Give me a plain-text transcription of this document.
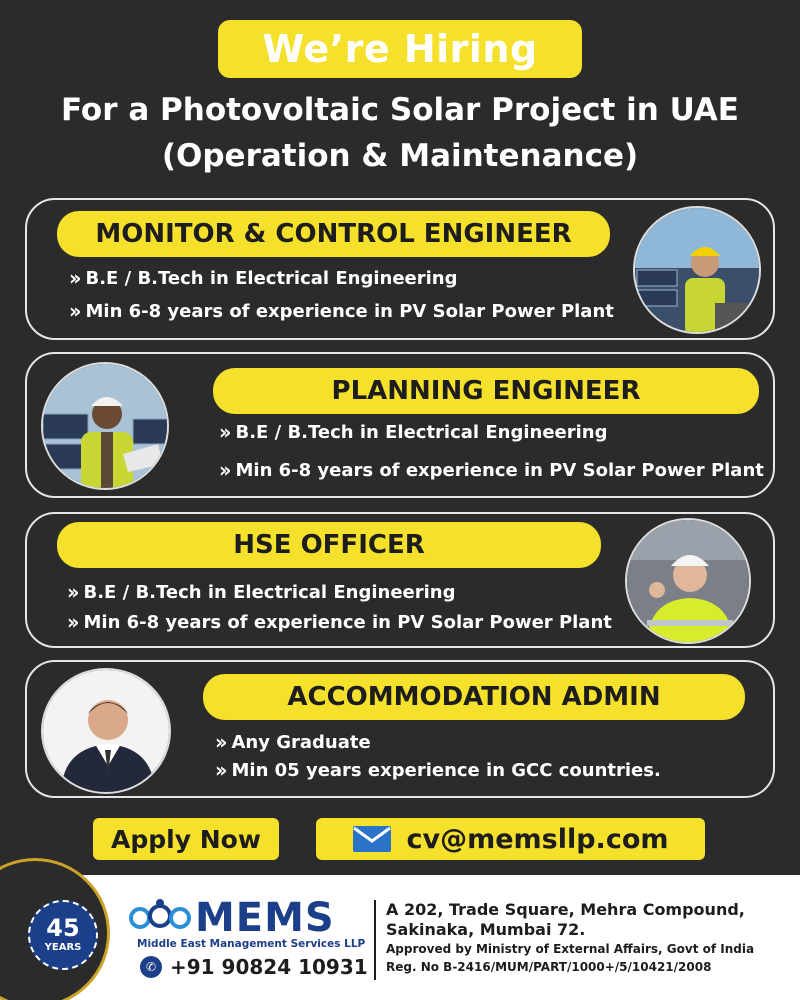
We’re Hiring
For a Photovoltaic Solar Project in UAE
(Operation & Maintenance)
MONITOR & CONTROL ENGINEER
›› B.E / B.Tech in Electrical Engineering
›› Min 6-8 years of experience in PV Solar Power Plant
PLANNING ENGINEER
›› B.E / B.Tech in Electrical Engineering
›› Min 6-8 years of experience in PV Solar Power Plant
HSE OFFICER
›› B.E / B.Tech in Electrical Engineering
›› Min 6-8 years of experience in PV Solar Power Plant
ACCOMMODATION ADMIN
›› Any Graduate
›› Min 05 years experience in GCC countries.
Apply Now	cv@memsllp.com
45
YEARS
MEMS
Middle East Management Services LLP
✆ +91 90824 10931
A 202, Trade Square, Mehra Compound,
Sakinaka, Mumbai 72.
Approved by Ministry of External Affairs, Govt of India
Reg. No B-2416/MUM/PART/1000+/5/10421/2008
